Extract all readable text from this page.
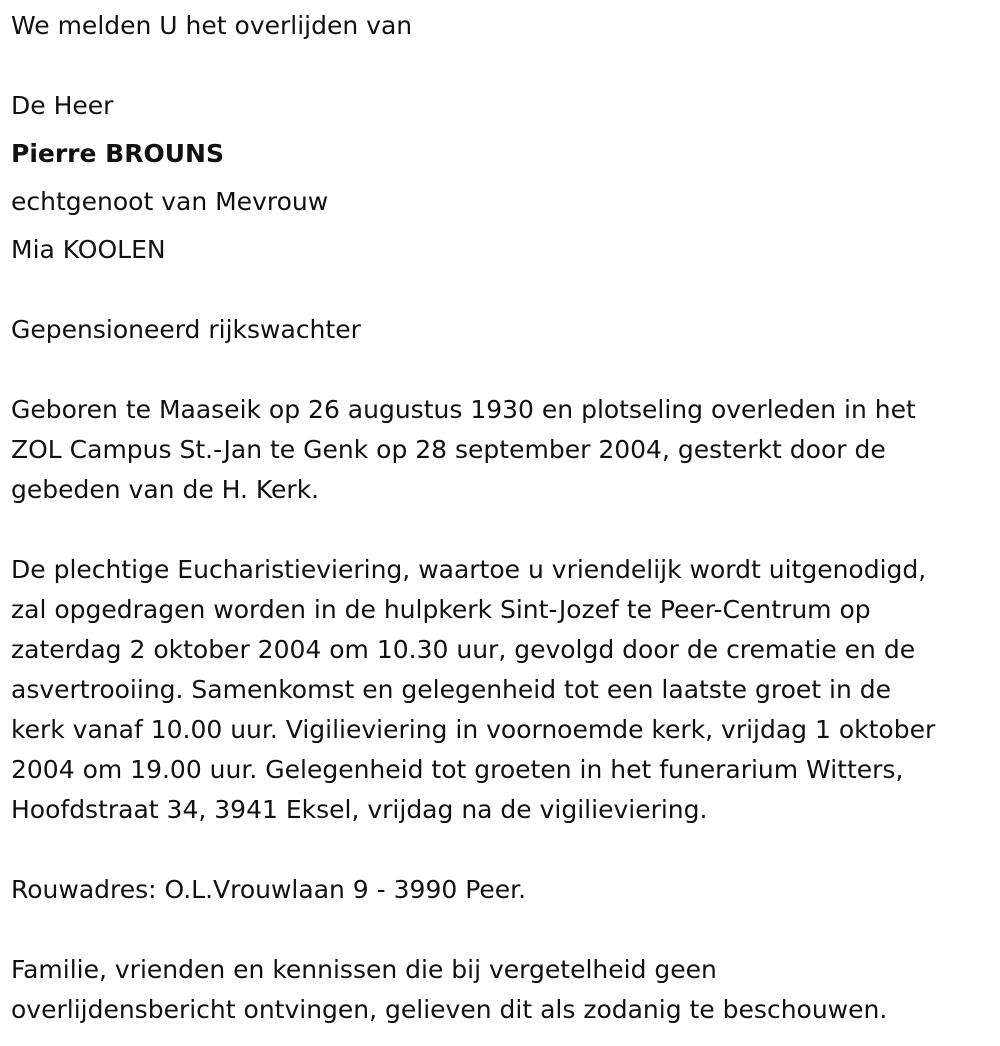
We melden U het overlijden van
De Heer
Pierre BROUNS
echtgenoot van Mevrouw
Mia KOOLEN
Gepensioneerd rijkswachter
Geboren te Maaseik op 26 augustus 1930 en plotseling overleden in het
ZOL Campus St.-Jan te Genk op 28 september 2004, gesterkt door de
gebeden van de H. Kerk.
De plechtige Eucharistieviering, waartoe u vriendelijk wordt uitgenodigd,
zal opgedragen worden in de hulpkerk Sint-Jozef te Peer-Centrum op
zaterdag 2 oktober 2004 om 10.30 uur, gevolgd door de crematie en de
asvertrooiing. Samenkomst en gelegenheid tot een laatste groet in de
kerk vanaf 10.00 uur. Vigilieviering in voornoemde kerk, vrijdag 1 oktober
2004 om 19.00 uur. Gelegenheid tot groeten in het funerarium Witters,
Hoofdstraat 34, 3941 Eksel, vrijdag na de vigilieviering.
Rouwadres: O.L.Vrouwlaan 9 - 3990 Peer.
Familie, vrienden en kennissen die bij vergetelheid geen
overlijdensbericht ontvingen, gelieven dit als zodanig te beschouwen.
